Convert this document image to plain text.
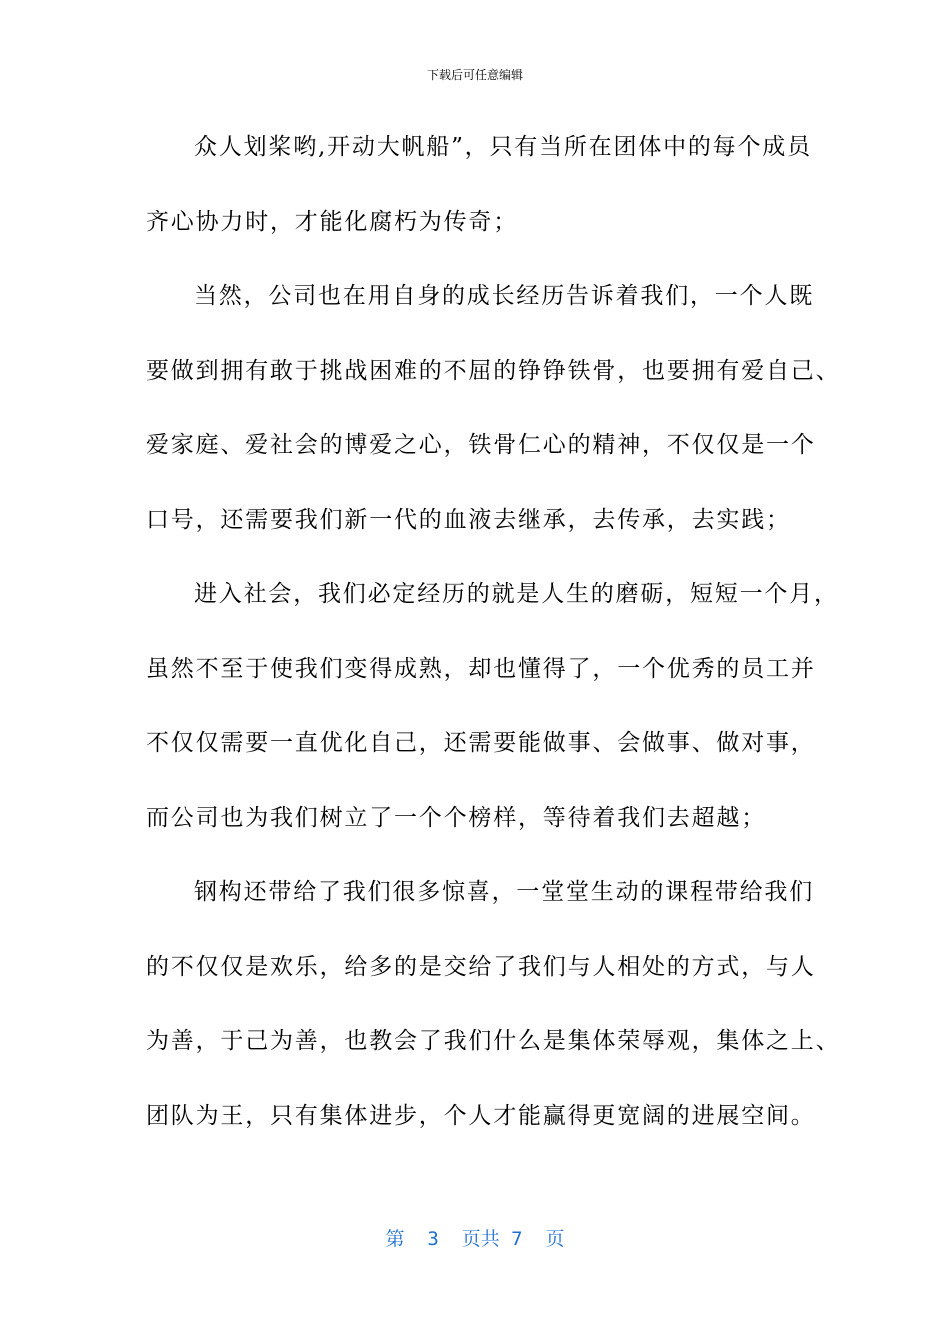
下载后可任意编辑
众人划桨哟,开动大帆船”，只有当所在团体中的每个成员
齐心协力时，才能化腐朽为传奇；
当然，公司也在用自身的成长经历告诉着我们，一个人既
要做到拥有敢于挑战困难的不屈的铮铮铁骨，也要拥有爱自己、
爱家庭、爱社会的博爱之心，铁骨仁心的精神，不仅仅是一个
口号，还需要我们新一代的血液去继承，去传承，去实践；
进入社会，我们必定经历的就是人生的磨砺，短短一个月，
虽然不至于使我们变得成熟，却也懂得了，一个优秀的员工并
不仅仅需要一直优化自己，还需要能做事、会做事、做对事，
而公司也为我们树立了一个个榜样，等待着我们去超越；
钢构还带给了我们很多惊喜，一堂堂生动的课程带给我们
的不仅仅是欢乐，给多的是交给了我们与人相处的方式，与人
为善，于己为善，也教会了我们什么是集体荣辱观，集体之上、
团队为王，只有集体进步，个人才能赢得更宽阔的进展空间。
第  3  页共 7  页
